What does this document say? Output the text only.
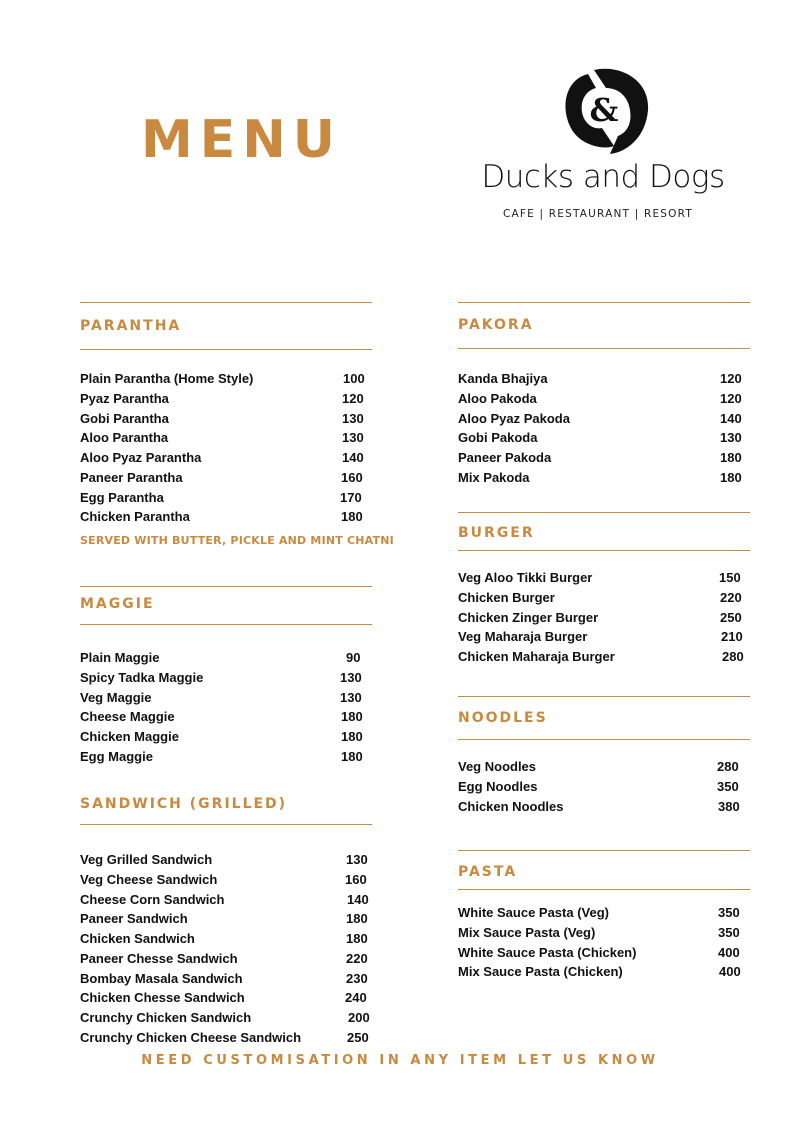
MENU	&
Ducks and Dogs
CAFE | RESTAURANT | RESORT
PARANTHA
Plain Parantha (Home Style)	100
Pyaz Parantha	120
Gobi Parantha	130
Aloo Parantha	130
Aloo Pyaz Parantha	140
Paneer Parantha	160
Egg Parantha	170
Chicken Parantha	180
SERVED WITH BUTTER, PICKLE AND MINT CHATNI
MAGGIE
Plain Maggie	90
Spicy Tadka Maggie	130
Veg Maggie	130
Cheese Maggie	180
Chicken Maggie	180
Egg Maggie	180
SANDWICH (GRILLED)
Veg Grilled Sandwich	130
Veg Cheese Sandwich	160
Cheese Corn Sandwich	140
Paneer Sandwich	180
Chicken Sandwich	180
Paneer Chesse Sandwich	220
Bombay Masala Sandwich	230
Chicken Chesse Sandwich	240
Crunchy Chicken Sandwich	200
Crunchy Chicken Cheese Sandwich	250
PAKORA
Kanda Bhajiya	120
Aloo Pakoda	120
Aloo Pyaz Pakoda	140
Gobi Pakoda	130
Paneer Pakoda	180
Mix Pakoda	180
BURGER
Veg Aloo Tikki Burger	150
Chicken Burger	220
Chicken Zinger Burger	250
Veg Maharaja Burger	210
Chicken Maharaja Burger	280
NOODLES
Veg Noodles	280
Egg Noodles	350
Chicken Noodles	380
PASTA
White Sauce Pasta (Veg)	350
Mix Sauce Pasta (Veg)	350
White Sauce Pasta (Chicken)	400
Mix Sauce Pasta (Chicken)	400
NEED CUSTOMISATION IN ANY ITEM LET US KNOW
